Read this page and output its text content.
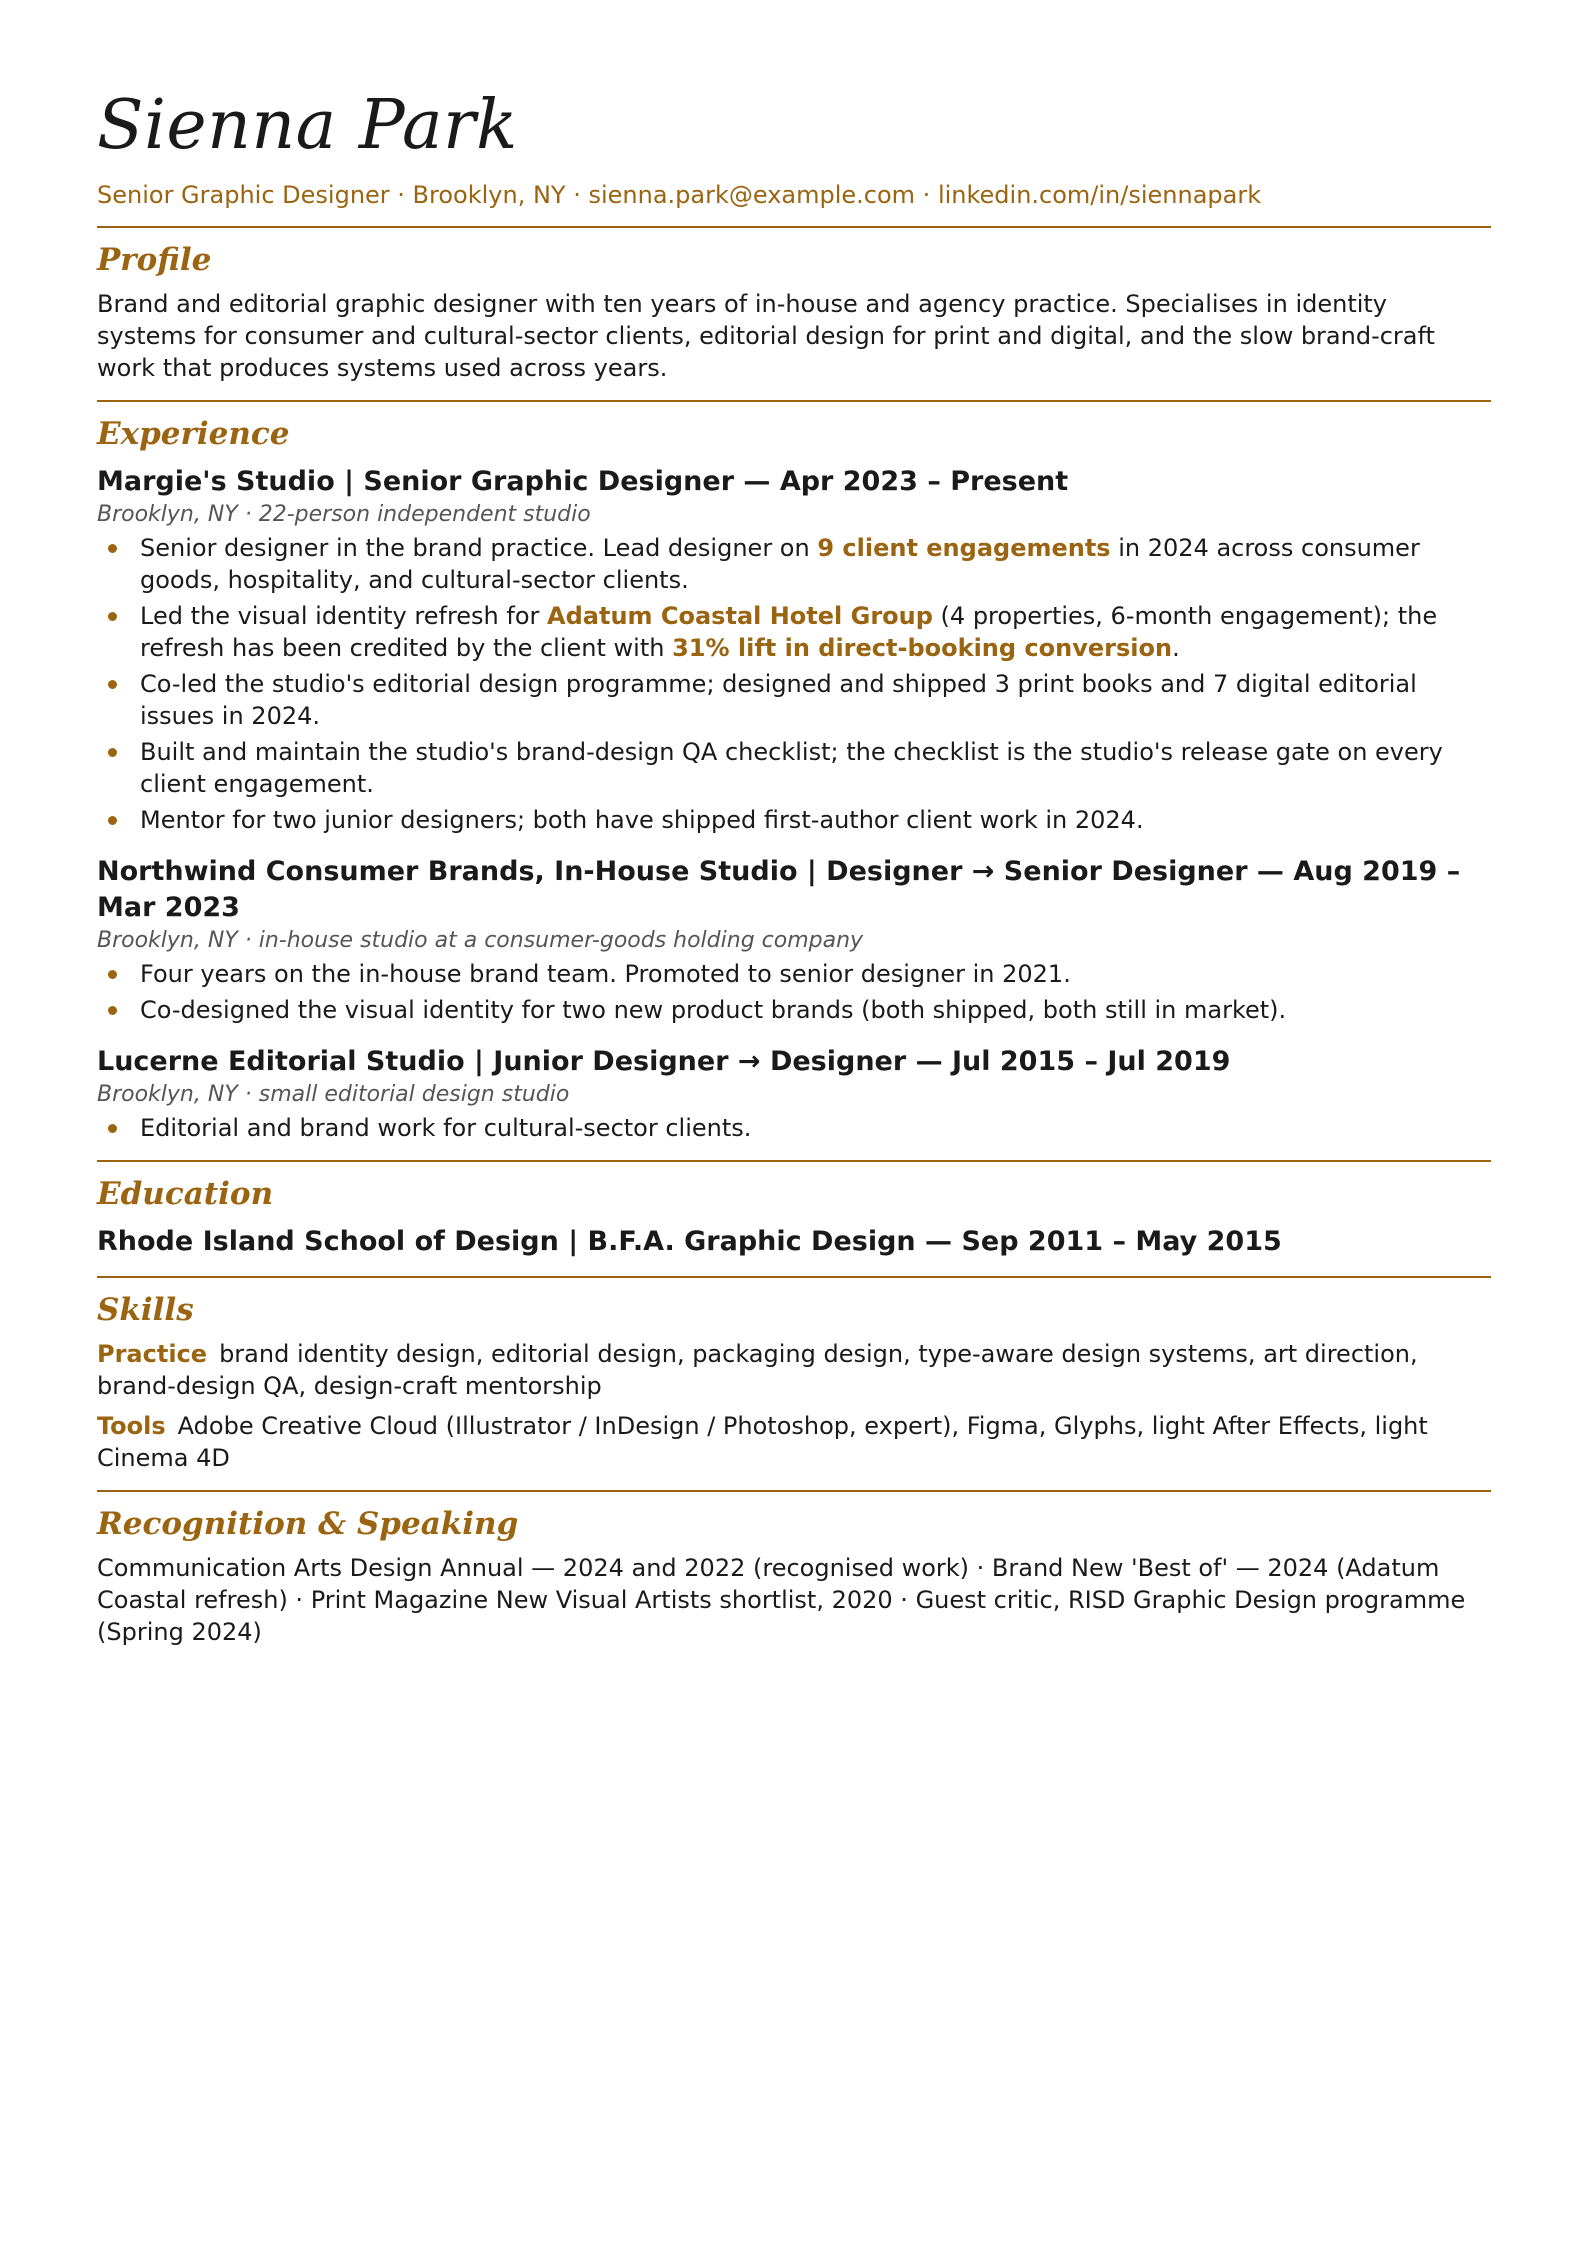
Sienna Park

Senior Graphic Designer · Brooklyn, NY · sienna.park@example.com · linkedin.com/in/siennapark

Profile

Brand and editorial graphic designer with ten years of in-house and agency practice. Specialises in identity systems for consumer and cultural-sector clients, editorial design for print and digital, and the slow brand-craft work that produces systems used across years.

Experience

Margie's Studio | Senior Graphic Designer — Apr 2023 – Present

Brooklyn, NY · 22-person independent studio

Senior designer in the brand practice. Lead designer on 9 client engagements in 2024 across consumer goods, hospitality, and cultural-sector clients.
Led the visual identity refresh for Adatum Coastal Hotel Group (4 properties, 6-month engagement); the refresh has been credited by the client with 31% lift in direct-booking conversion.
Co-led the studio's editorial design programme; designed and shipped 3 print books and 7 digital editorial issues in 2024.
Built and maintain the studio's brand-design QA checklist; the checklist is the studio's release gate on every client engagement.
Mentor for two junior designers; both have shipped first-author client work in 2024.

Northwind Consumer Brands, In-House Studio | Designer → Senior Designer — Aug 2019 – Mar 2023

Brooklyn, NY · in-house studio at a consumer-goods holding company

Four years on the in-house brand team. Promoted to senior designer in 2021.
Co-designed the visual identity for two new product brands (both shipped, both still in market).

Lucerne Editorial Studio | Junior Designer → Designer — Jul 2015 – Jul 2019

Brooklyn, NY · small editorial design studio

Editorial and brand work for cultural-sector clients.
Education

Rhode Island School of Design | B.F.A. Graphic Design — Sep 2011 – May 2015

Skills

Practice brand identity design, editorial design, packaging design, type-aware design systems, art direction, brand-design QA, design-craft mentorship

Tools Adobe Creative Cloud (Illustrator / InDesign / Photoshop, expert), Figma, Glyphs, light After Effects, light Cinema 4D

Recognition & Speaking

Communication Arts Design Annual — 2024 and 2022 (recognised work) · Brand New 'Best of' — 2024 (Adatum Coastal refresh) · Print Magazine New Visual Artists shortlist, 2020 · Guest critic, RISD Graphic Design programme (Spring 2024)
